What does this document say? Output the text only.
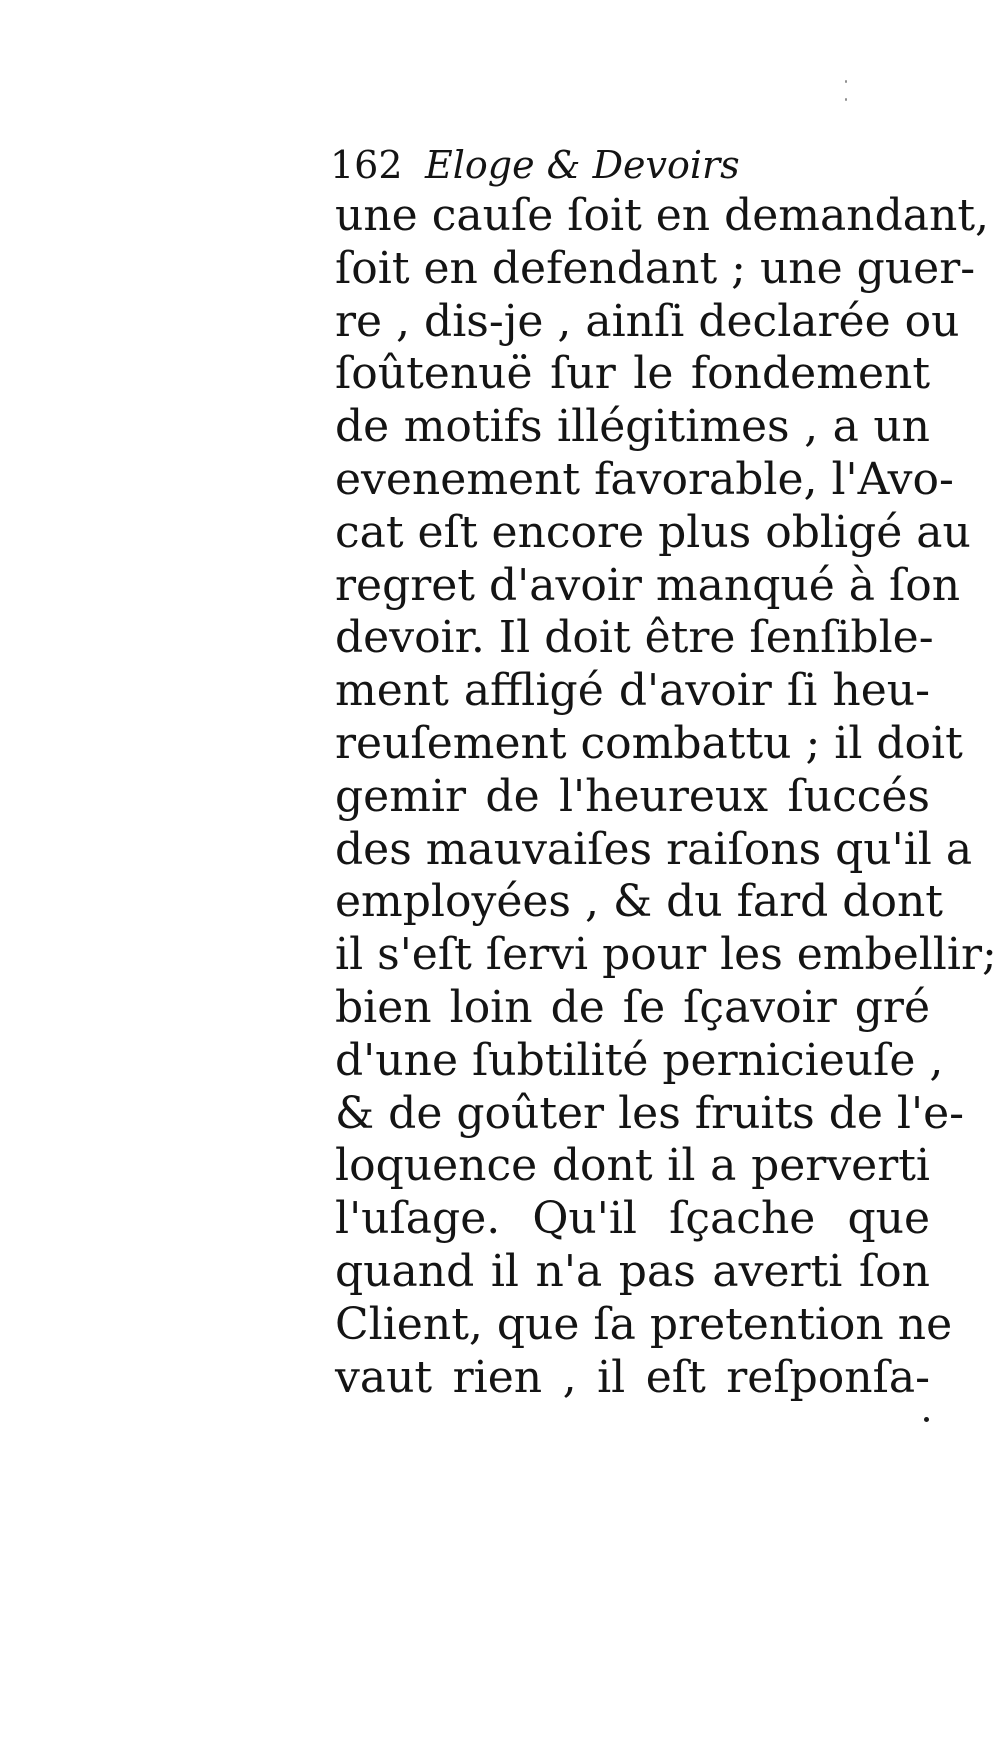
162 Eloge & Devoirs
une cauſe ſoit en demandant,
ſoit en defendant ; une guer-
re , dis-je , ainſi declarée ou
ſoûtenuë ſur le fondement
de motifs illégitimes , a un
evenement favorable, l'Avo-
cat eſt encore plus obligé au
regret d'avoir manqué à ſon
devoir. Il doit être ſenſible-
ment affligé d'avoir ſi heu-
reuſement combattu ; il doit
gemir de l'heureux ſuccés
des mauvaiſes raiſons qu'il a
employées , & du fard dont
il s'eſt ſervi pour les embellir;
bien loin de ſe ſçavoir gré
d'une ſubtilité pernicieuſe ,
& de goûter les fruits de l'e-
loquence dont il a perverti
l'uſage. Qu'il ſçache que
quand il n'a pas averti ſon
Client, que ſa pretention ne
vaut rien , il eſt reſponſa-
